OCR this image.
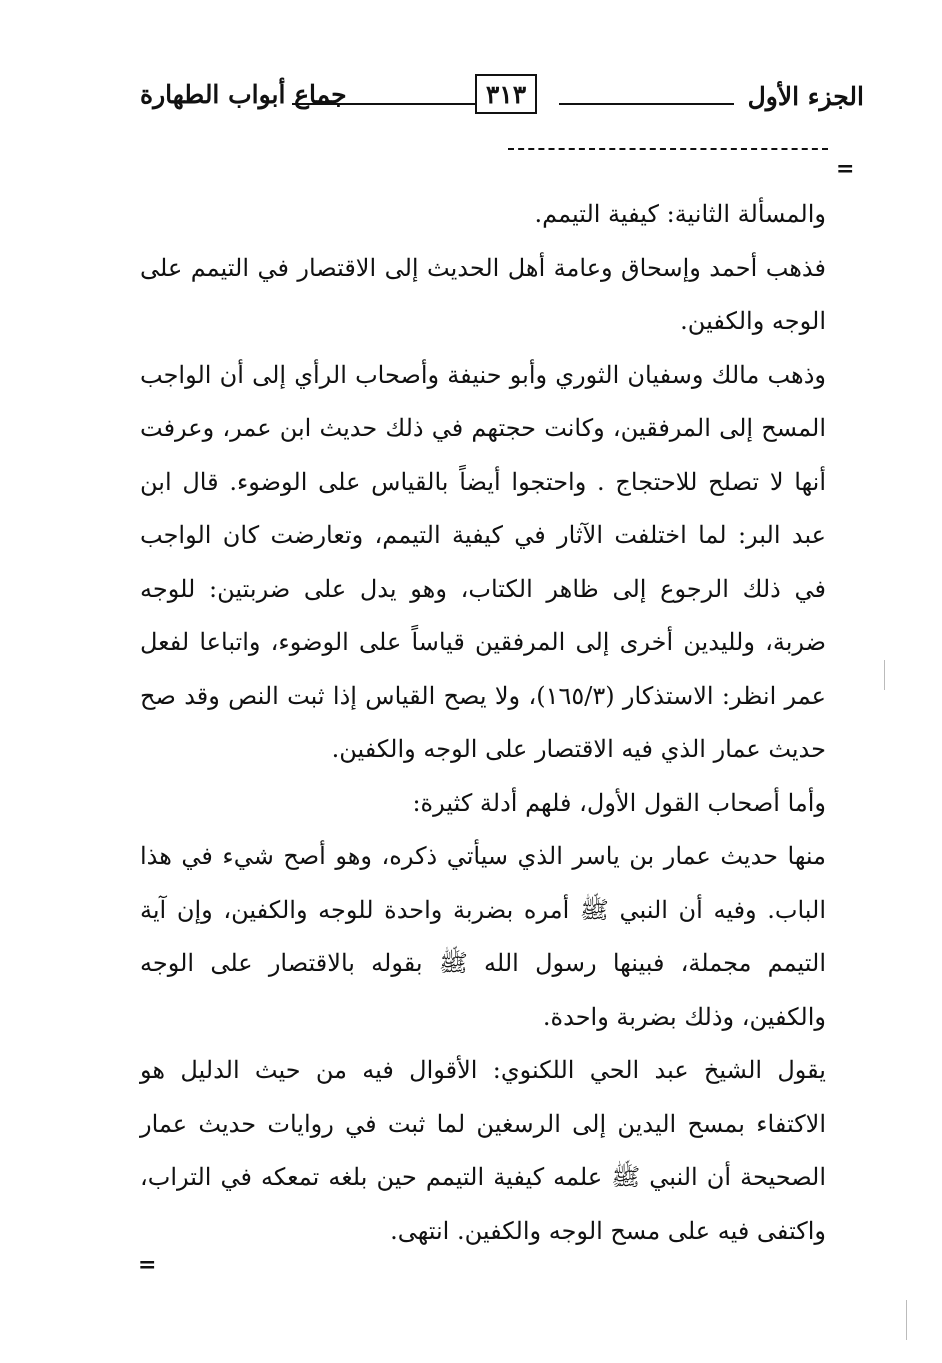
الجزء الأول
٣١٣
جماع أبواب الطهارة
=

والمسألة الثانية: كيفية التيمم.

فذهب أحمد وإسحاق وعامة أهل الحديث إلى الاقتصار في التيمم على الوجه والكفين.

وذهب مالك وسفيان الثوري وأبو حنيفة وأصحاب الرأي إلى أن الواجب المسح إلى المرفقين، وكانت حجتهم في ذلك حديث ابن عمر، وعرفت أنها لا تصلح للاحتجاج . واحتجوا أيضاً بالقياس على الوضوء. قال ابن عبد البر: لما اختلفت الآثار في كيفية التيمم، وتعارضت كان الواجب في ذلك الرجوع إلى ظاهر الكتاب، وهو يدل على ضربتين: للوجه ضربة، ولليدين أخرى إلى المرفقين قياساً على الوضوء، واتباعا لفعل عمر انظر: الاستذكار (١٦٥/٣)، ولا يصح القياس إذا ثبت النص وقد صح حديث عمار الذي فيه الاقتصار على الوجه والكفين.

وأما أصحاب القول الأول، فلهم أدلة كثيرة:

منها حديث عمار بن ياسر الذي سيأتي ذكره، وهو أصح شيء في هذا الباب. وفيه أن النبي ﷺ أمره بضربة واحدة للوجه والكفين، وإن آية التيمم مجملة، فبينها رسول الله ﷺ بقوله بالاقتصار على الوجه والكفين، وذلك بضربة واحدة.

يقول الشيخ عبد الحي اللكنوي: الأقوال فيه من حيث الدليل هو الاكتفاء بمسح اليدين إلى الرسغين لما ثبت في روايات حديث عمار الصحيحة أن النبي ﷺ علمه كيفية التيمم حين بلغه تمعكه في التراب، واكتفى فيه على مسح الوجه والكفين. انتهى.

=
